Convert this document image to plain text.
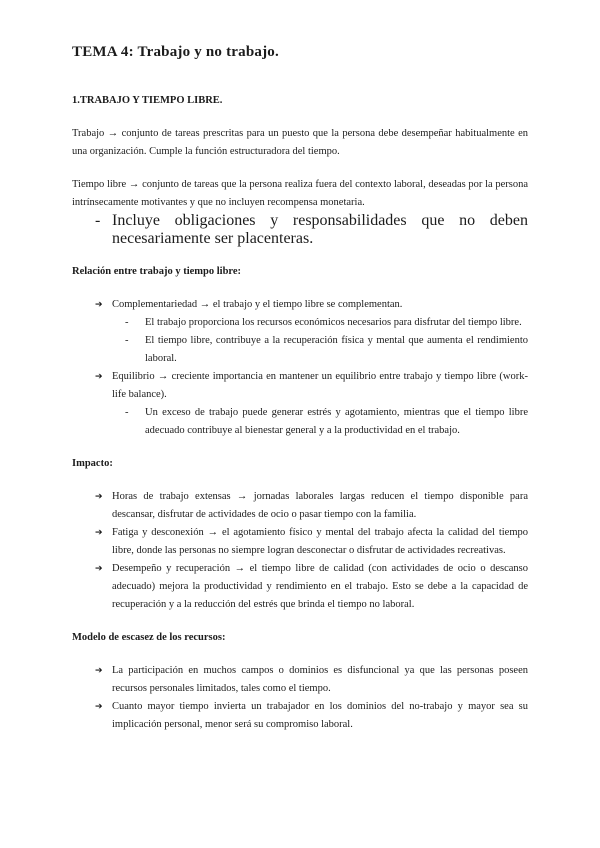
TEMA 4: Trabajo y no trabajo.
1.TRABAJO Y TIEMPO LIBRE.

Trabajo → conjunto de tareas prescritas para un puesto que la persona debe desempeñar habitualmente en una organización. Cumple la función estructuradora del tiempo.

Tiempo libre → conjunto de tareas que la persona realiza fuera del contexto laboral, deseadas por la persona intrínsecamente motivantes y que no incluyen recompensa monetaria.

- Incluye obligaciones y responsabilidades que no deben necesariamente ser placenteras.
Relación entre trabajo y tiempo libre:
➔ Complementariedad → el trabajo y el tiempo libre se complementan.
-	El trabajo proporciona los recursos económicos necesarios para disfrutar del tiempo libre.
-	El tiempo libre, contribuye a la recuperación física y mental que aumenta el rendimiento laboral.
➔ Equilibrio → creciente importancia en mantener un equilibrio entre trabajo y tiempo libre (work-life balance).
-	Un exceso de trabajo puede generar estrés y agotamiento, mientras que el tiempo libre adecuado contribuye al bienestar general y a la productividad en el trabajo.
Impacto:
➔ Horas de trabajo extensas → jornadas laborales largas reducen el tiempo disponible para descansar, disfrutar de actividades de ocio o pasar tiempo con la familia.
➔ Fatiga y desconexión → el agotamiento físico y mental del trabajo afecta la calidad del tiempo libre, donde las personas no siempre logran desconectar o disfrutar de actividades recreativas.
➔ Desempeño y recuperación → el tiempo libre de calidad (con actividades de ocio o descanso adecuado) mejora la productividad y rendimiento en el trabajo. Esto se debe a la capacidad de recuperación y a la reducción del estrés que brinda el tiempo no laboral.
Modelo de escasez de los recursos:
➔ La participación en muchos campos o dominios es disfuncional ya que las personas poseen recursos personales limitados, tales como el tiempo.
➔ Cuanto mayor tiempo invierta un trabajador en los dominios del no-trabajo y mayor sea su implicación personal, menor será su compromiso laboral.
